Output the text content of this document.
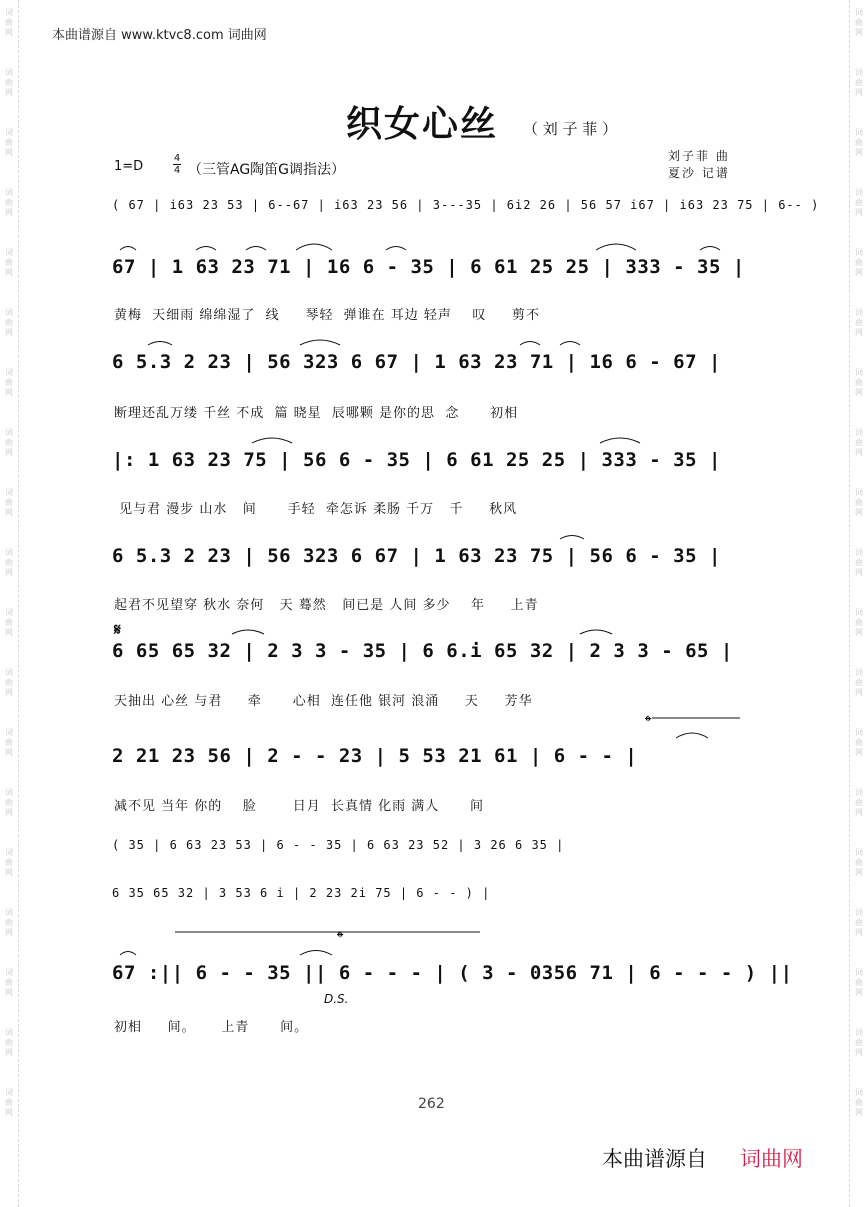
词
曲
网
词
曲
网
词
曲
网
词
曲
网
词
曲
网
词
曲
网
词
曲
网
词
曲
网
词
曲
网
词
曲
网
词
曲
网
词
曲
网
词
曲
网
词
曲
网
词
曲
网
词
曲
网
词
曲
网
词
曲
网
词
曲
网
词
曲
网
词
曲
网
词
曲
网
词
曲
网
词
曲
网
词
曲
网
词
曲
网
词
曲
网
词
曲
网
词
曲
网
词
曲
网
词
曲
网
词
曲
网
词
曲
网
词
曲
网
词
曲
网
词
曲
网
词
曲
网
词
曲
网
本曲谱源自 www.ktvc8.com 词曲网
织女心丝 （ 刘 子 菲 ）
1=D
4
4 （三管AG陶笛G调指法）
刘子菲 曲
夏沙 记谱
( 67 | i63 23 53 | 6--67 | i63 23 56 | 3---35 | 6i2 26 | 56 57 i67 | i63 23 75 | 6-- )
67 | 1 63 23 71 | 16 6 - 35 | 6 61 25 25 | 333 - 35 |
黄梅  天细雨 绵绵湿了  线     琴轻  弹谁在 耳边 轻声    叹     剪不
6 5.3 2 23 | 56 323 6 67 | 1 63 23 71 | 16 6 - 67 |
断理还乱万缕 千丝 不成  篇 晓星  辰哪颗 是你的思  念      初相
|: 1 63 23 75 | 56 6 - 35 | 6 61 25 25 | 333 - 35 |
见与君 漫步 山水   间      手轻  牵怎诉 柔肠 千万   千     秋风
6 5.3 2 23 | 56 323 6 67 | 1 63 23 75 | 56 6 - 35 |
起君不见望穿 秋水 奈何   天 蓦然   间已是 人间 多少    年     上青
𝄋
6 65 65 32 | 2 3 3 - 35 | 6 6.i 65 32 | 2 3 3 - 65 |
天抽出 心丝 与君     牵      心相  连任他 银河 浪涌     天     芳华
𝄌
2 21 23 56 | 2 - - 23 | 5 53 21 61 | 6 - - |
减不见 当年 你的    脸       日月  长真情 化雨 满人      间
( 35 | 6 63 23 53 | 6 - - 35 | 6 63 23 52 | 3 26 6 35 |
6 35 65 32 | 3 53 6 i | 2 23 2i 75 | 6 - - ) |
𝄌
67 :|| 6 - - 35 || 6 - - - | ( 3 - 0356 71 | 6 - - - ) ||
D.S.
初相     间。     上青      间。
262
本曲谱源自 词曲网
